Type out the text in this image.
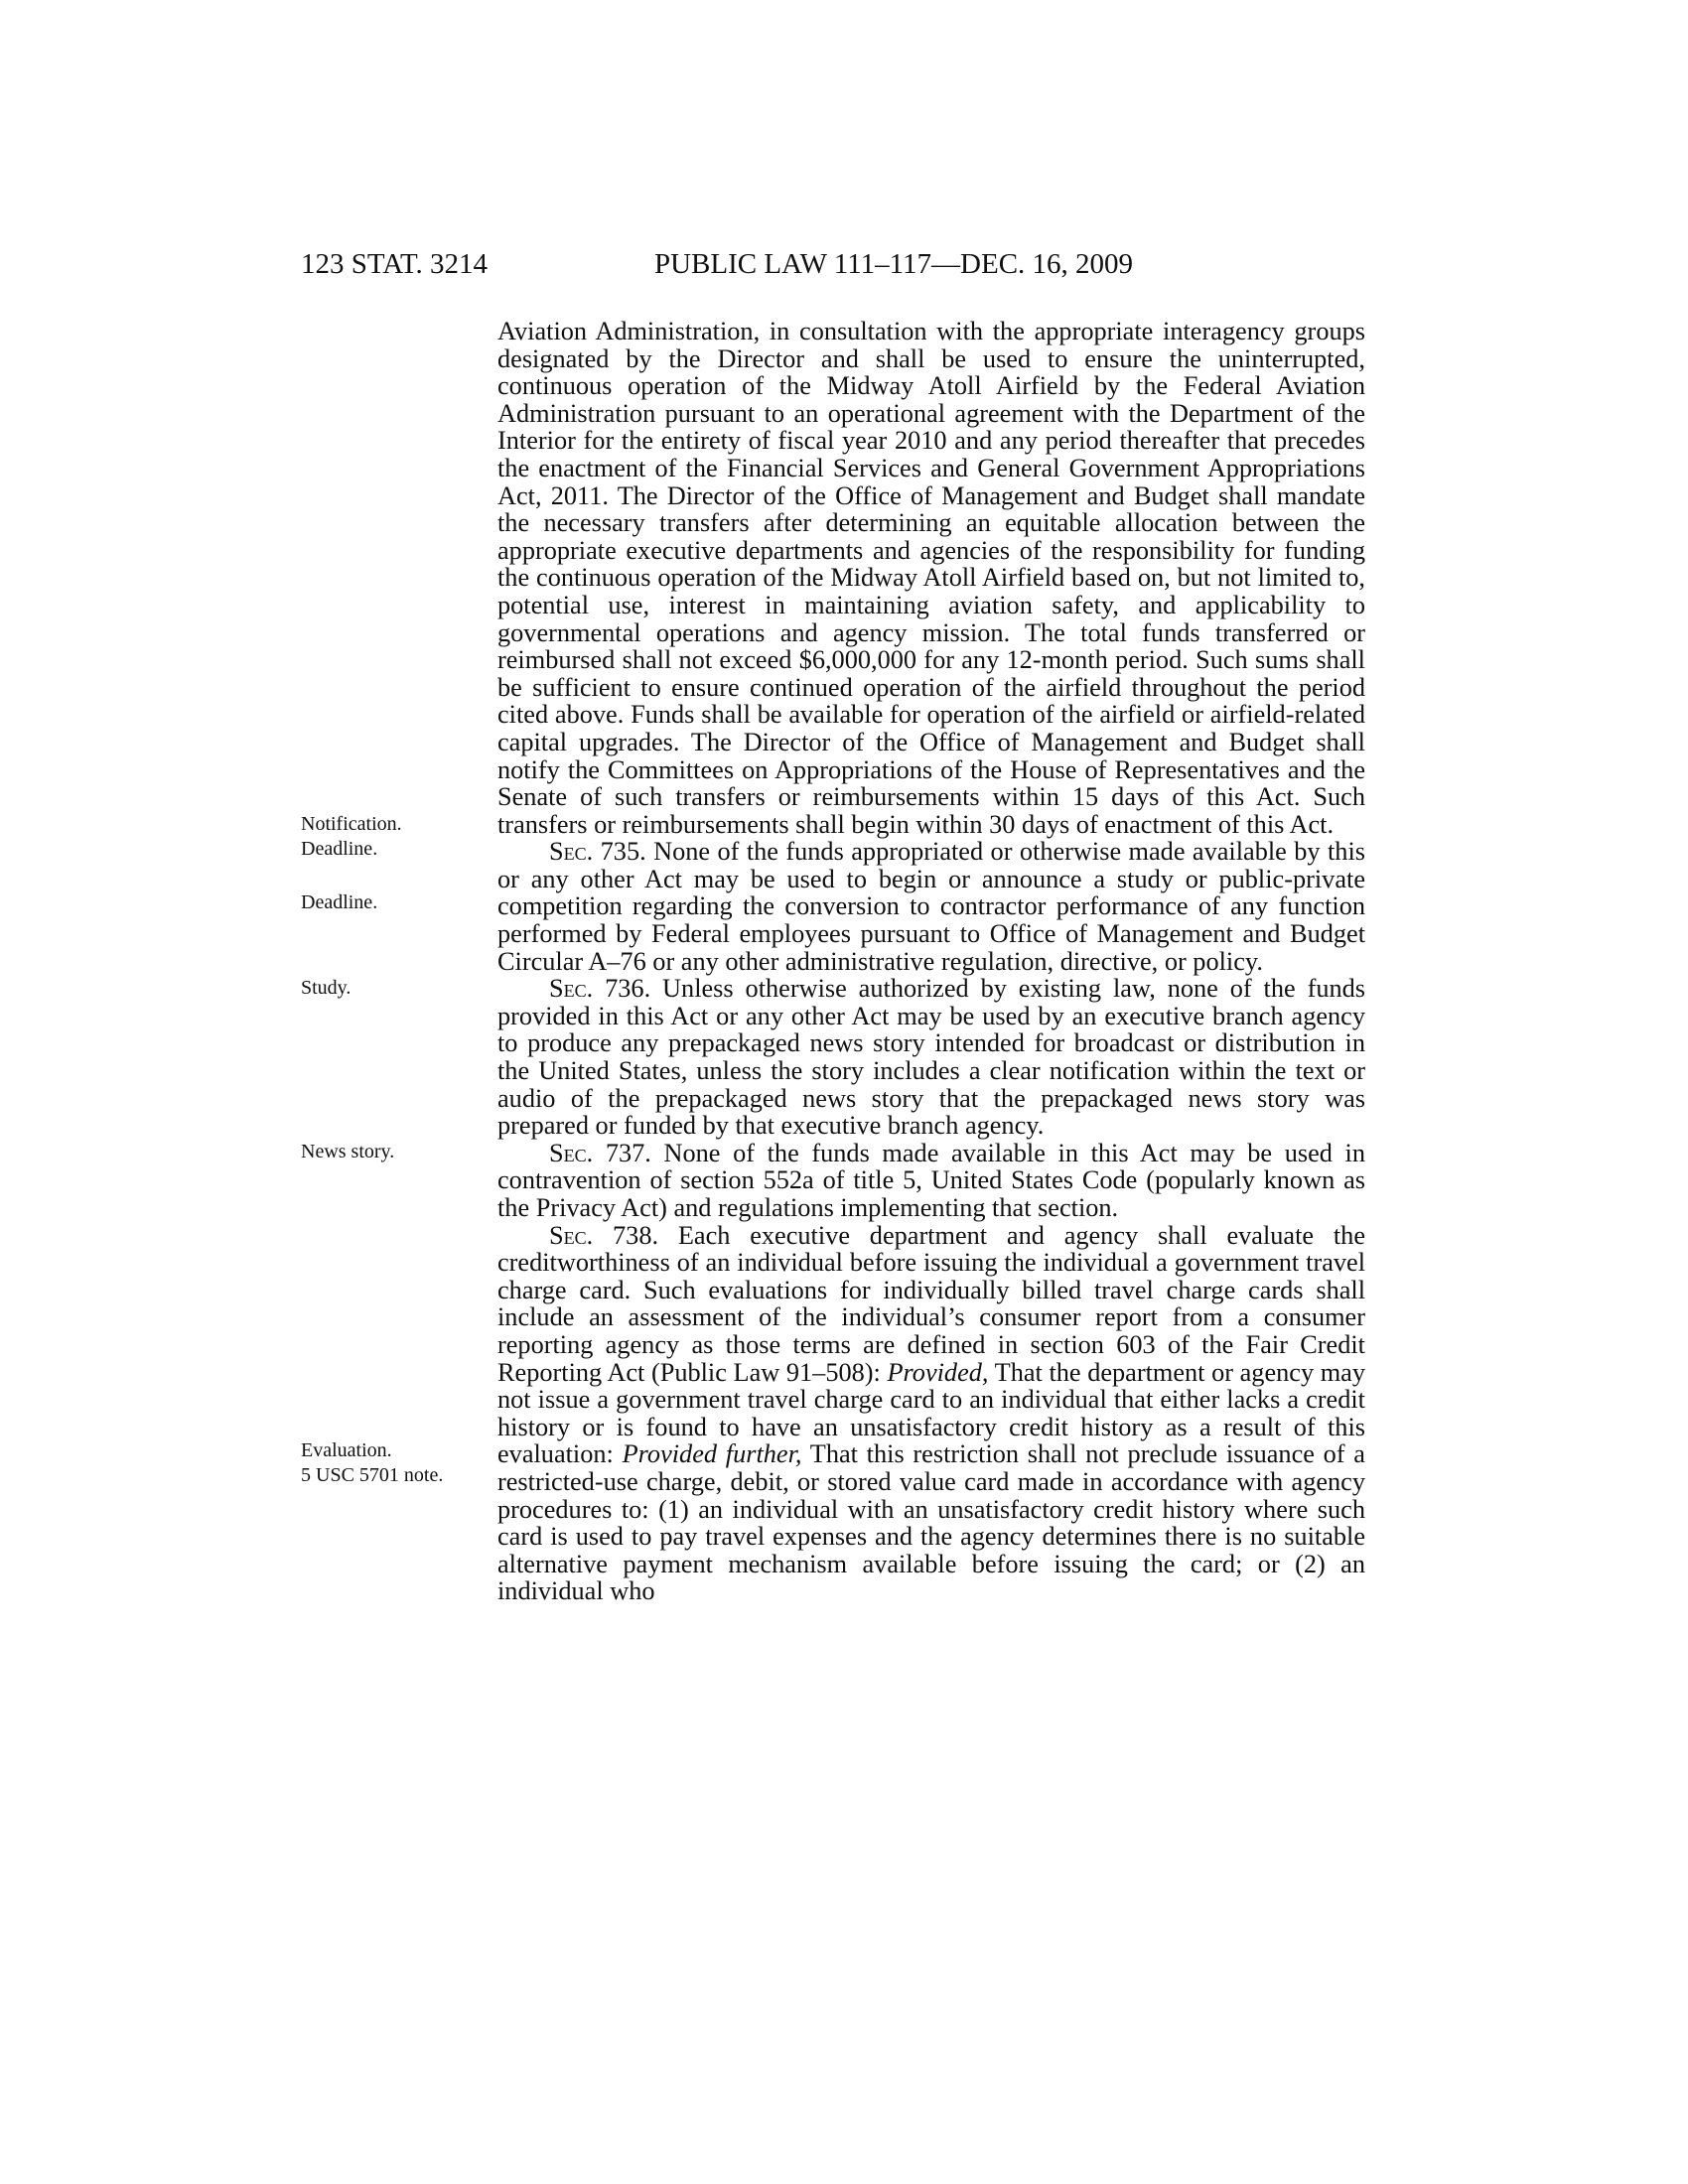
123 STAT. 3214	PUBLIC LAW 111–117—DEC. 16, 2009
Notification.
Deadline.
Deadline.
Study.
News story.
Evaluation.
5 USC 5701 note.

Aviation Administration, in consultation with the appropriate interagency groups designated by the Director and shall be used to ensure the uninterrupted, continuous operation of the Midway Atoll Airfield by the Federal Aviation Administration pursuant to an operational agreement with the Department of the Interior for the entirety of fiscal year 2010 and any period thereafter that precedes the enactment of the Financial Services and General Government Appropriations Act, 2011. The Director of the Office of Management and Budget shall mandate the necessary transfers after determining an equitable allocation between the appropriate executive departments and agencies of the responsibility for funding the continuous operation of the Midway Atoll Airfield based on, but not limited to, potential use, interest in maintaining aviation safety, and applicability to governmental operations and agency mission. The total funds transferred or reimbursed shall not exceed $6,000,000 for any 12-month period. Such sums shall be sufficient to ensure continued operation of the airfield throughout the period cited above. Funds shall be available for operation of the airfield or airfield-related capital upgrades. The Director of the Office of Management and Budget shall notify the Committees on Appropriations of the House of Representatives and the Senate of such transfers or reimbursements within 15 days of this Act. Such transfers or reimbursements shall begin within 30 days of enactment of this Act.

Sec. 735. None of the funds appropriated or otherwise made available by this or any other Act may be used to begin or announce a study or public-private competition regarding the conversion to contractor performance of any function performed by Federal employees pursuant to Office of Management and Budget Circular A–76 or any other administrative regulation, directive, or policy.

Sec. 736. Unless otherwise authorized by existing law, none of the funds provided in this Act or any other Act may be used by an executive branch agency to produce any prepackaged news story intended for broadcast or distribution in the United States, unless the story includes a clear notification within the text or audio of the prepackaged news story that the prepackaged news story was prepared or funded by that executive branch agency.

Sec. 737. None of the funds made available in this Act may be used in contravention of section 552a of title 5, United States Code (popularly known as the Privacy Act) and regulations implementing that section.

Sec. 738. Each executive department and agency shall evaluate the creditworthiness of an individual before issuing the individual a government travel charge card. Such evaluations for individually billed travel charge cards shall include an assessment of the individual’s consumer report from a consumer reporting agency as those terms are defined in section 603 of the Fair Credit Reporting Act (Public Law 91–508): Provided, That the department or agency may not issue a government travel charge card to an individual that either lacks a credit history or is found to have an unsatisfactory credit history as a result of this evaluation: Provided further, That this restriction shall not preclude issuance of a restricted-use charge, debit, or stored value card made in accordance with agency procedures to: (1) an individual with an unsatisfactory credit history where such card is used to pay travel expenses and the agency determines there is no suitable alternative payment mechanism available before issuing the card; or (2) an individual who
